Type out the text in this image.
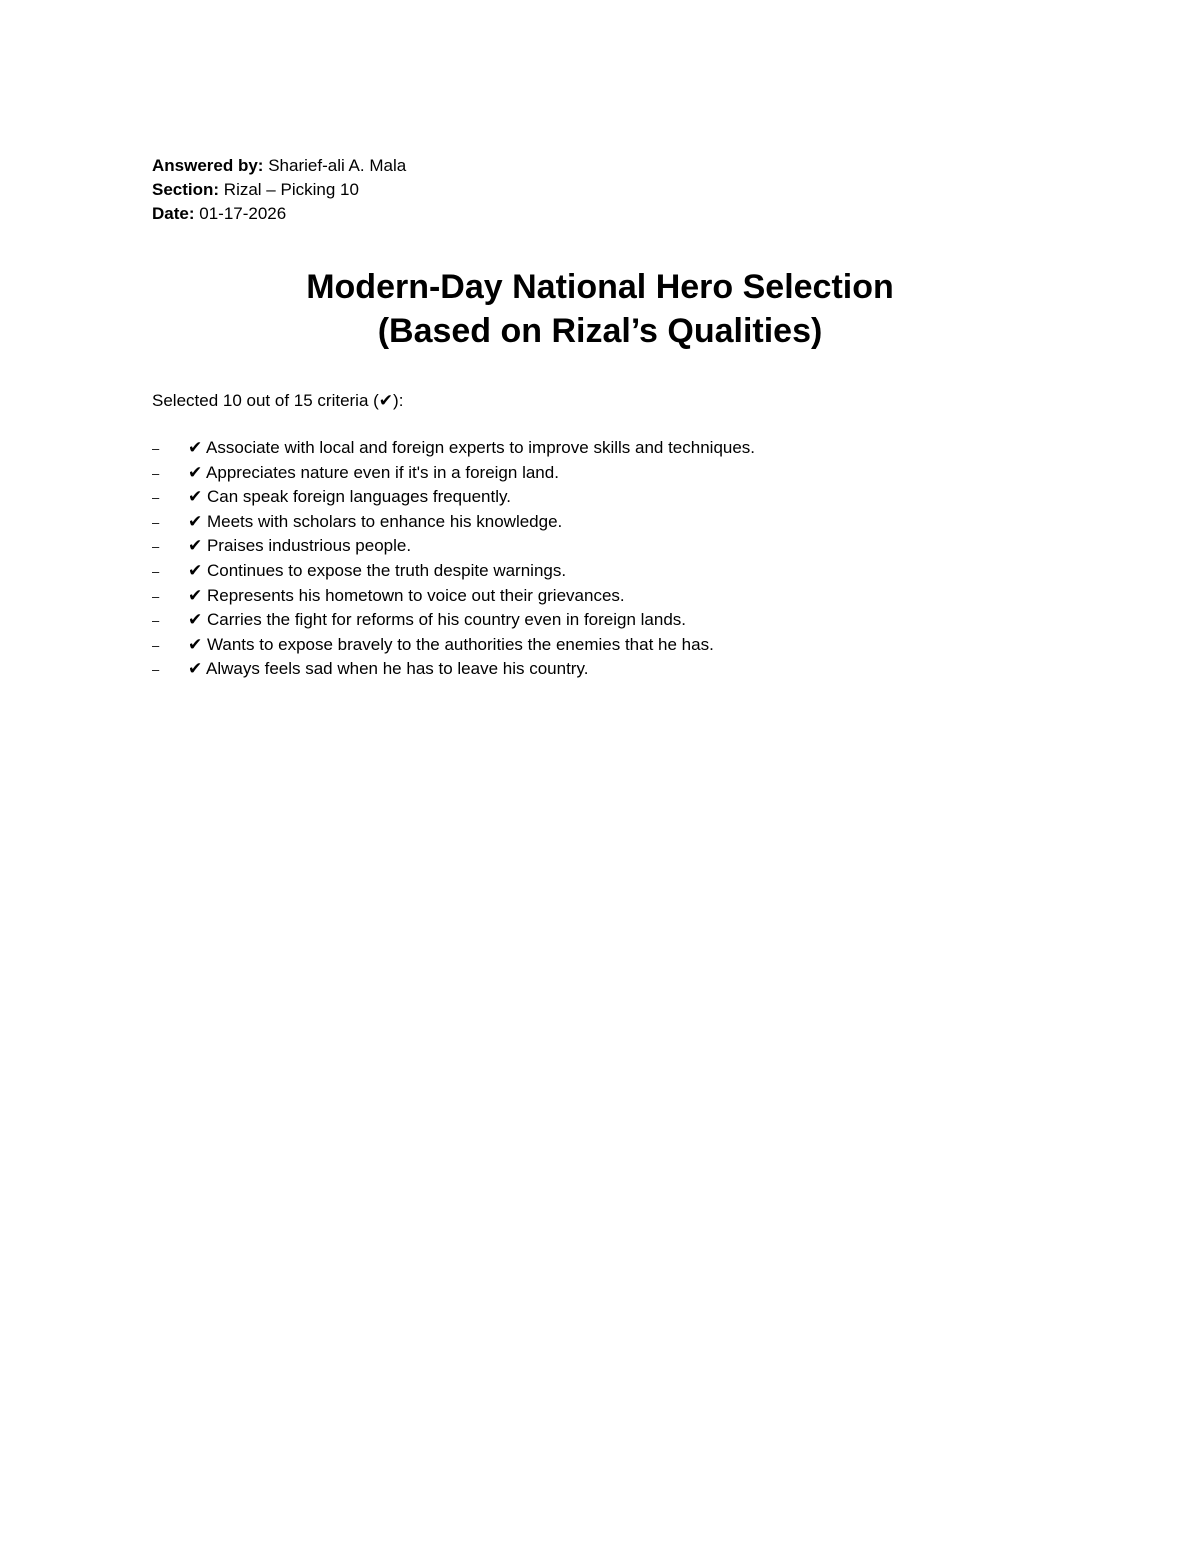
Answered by: Sharief-ali A. Mala
Section: Rizal – Picking 10
Date: 01-17-2026
Modern-Day National Hero Selection
(Based on Rizal’s Qualities)
Selected 10 out of 15 criteria (✔):
– ✔ Associate with local and foreign experts to improve skills and techniques.
– ✔ Appreciates nature even if it's in a foreign land.
– ✔ Can speak foreign languages frequently.
– ✔ Meets with scholars to enhance his knowledge.
– ✔ Praises industrious people.
– ✔ Continues to expose the truth despite warnings.
– ✔ Represents his hometown to voice out their grievances.
– ✔ Carries the fight for reforms of his country even in foreign lands.
– ✔ Wants to expose bravely to the authorities the enemies that he has.
– ✔ Always feels sad when he has to leave his country.
